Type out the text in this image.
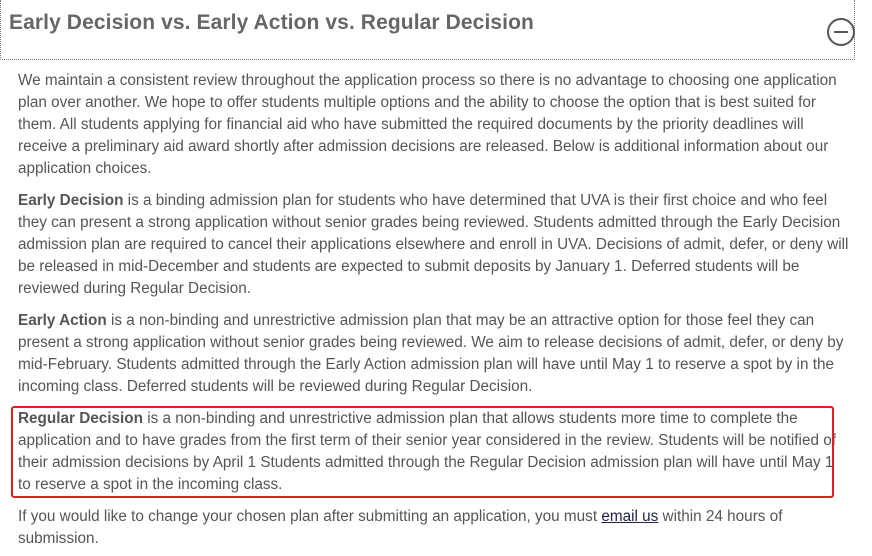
Early Decision vs. Early Action vs. Regular Decision

We maintain a consistent review throughout the application process so there is no advantage to choosing one application plan over another. We hope to offer students multiple options and the ability to choose the option that is best suited for them. All students applying for financial aid who have submitted the required documents by the priority deadlines will receive a preliminary aid award shortly after admission decisions are released. Below is additional information about our application choices.

Early Decision is a binding admission plan for students who have determined that UVA is their first choice and who feel they can present a strong application without senior grades being reviewed. Students admitted through the Early Decision admission plan are required to cancel their applications elsewhere and enroll in UVA. Decisions of admit, defer, or deny will be released in mid-December and students are expected to submit deposits by January 1. Deferred students will be reviewed during Regular Decision.

Early Action is a non-binding and unrestrictive admission plan that may be an attractive option for those feel they can present a strong application without senior grades being reviewed. We aim to release decisions of admit, defer, or deny by mid-February. Students admitted through the Early Action admission plan will have until May 1 to reserve a spot by in the incoming class. Deferred students will be reviewed during Regular Decision.

Regular Decision is a non-binding and unrestrictive admission plan that allows students more time to complete the application and to have grades from the first term of their senior year considered in the review. Students will be notified of their admission decisions by April 1 Students admitted through the Regular Decision admission plan will have until May 1 to reserve a spot in the incoming class.

If you would like to change your chosen plan after submitting an application, you must email us within 24 hours of submission.
